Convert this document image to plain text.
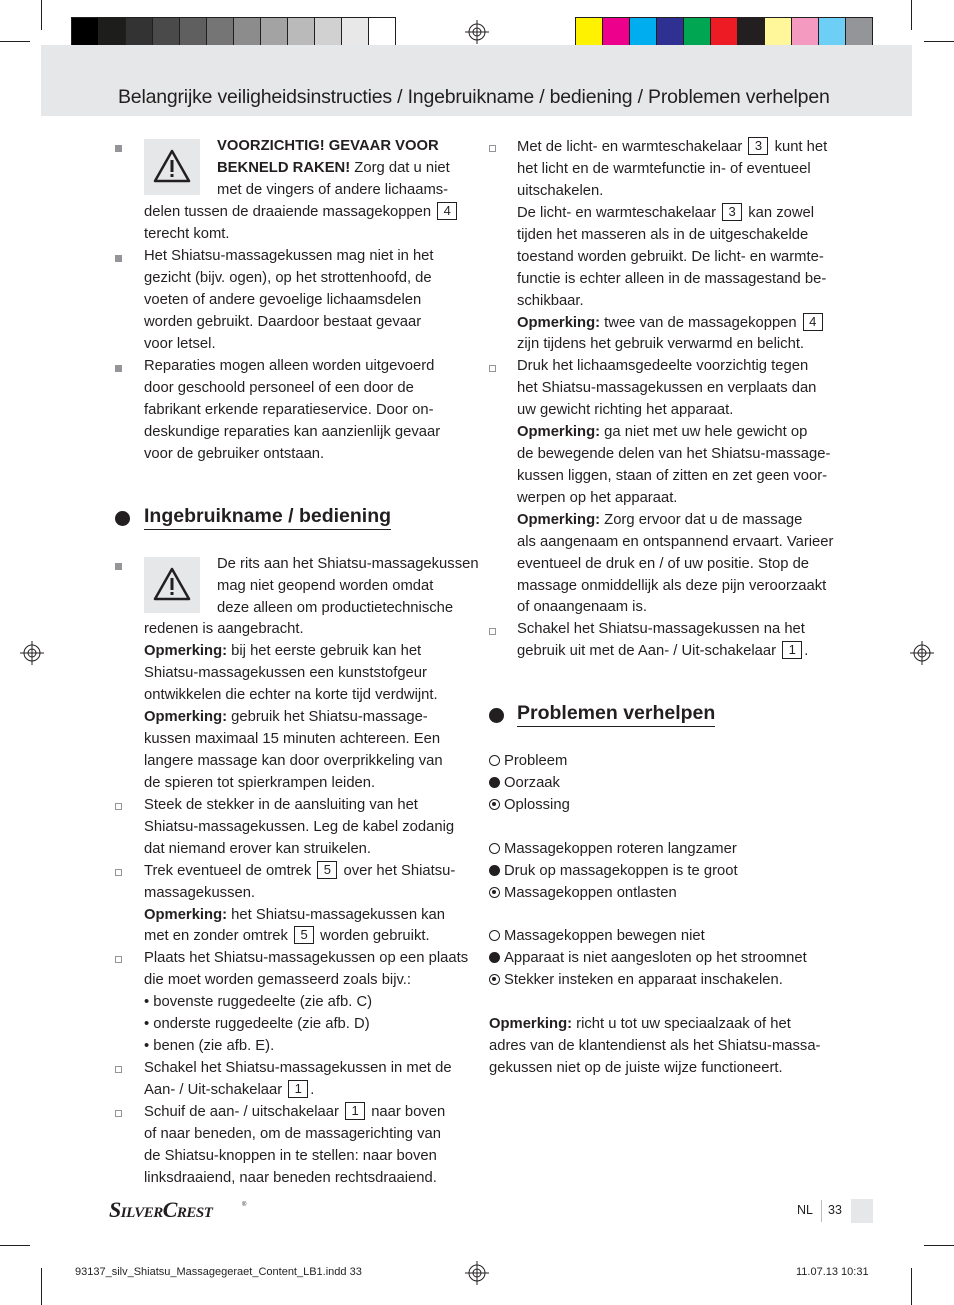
Belangrijke veiligheidsinstructies / Ingebruikname / bediening / Problemen verhelpen
VOORZICHTIG! GEVAAR VOOR
BEKNELD RAKEN! Zorg dat u niet
met de vingers of andere lichaams-
delen tussen de draaiende massagekoppen 4
terecht komt.
Het Shiatsu-massagekussen mag niet in het
gezicht (bijv. ogen), op het strottenhoofd, de
voeten of andere gevoelige lichaamsdelen
worden gebruikt. Daardoor bestaat gevaar
voor letsel.
Reparaties mogen alleen worden uitgevoerd
door geschoold personeel of een door de
fabrikant erkende reparatieservice. Door on-
deskundige reparaties kan aanzienlijk gevaar
voor de gebruiker ontstaan.
Ingebruikname / bediening
De rits aan het Shiatsu-massagekussen
mag niet geopend worden omdat
deze alleen om productietechnische
redenen is aangebracht.
Opmerking: bij het eerste gebruik kan het
Shiatsu-massagekussen een kunststofgeur
ontwikkelen die echter na korte tijd verdwijnt.
Opmerking: gebruik het Shiatsu-massage-
kussen maximaal 15 minuten achtereen. Een
langere massage kan door overprikkeling van
de spieren tot spierkrampen leiden.
Steek de stekker in de aansluiting van het
Shiatsu-massagekussen. Leg de kabel zodanig
dat niemand erover kan struikelen.
Trek eventueel de omtrek 5 over het Shiatsu-
massagekussen.
Opmerking: het Shiatsu-massagekussen kan
met en zonder omtrek 5 worden gebruikt.
Plaats het Shiatsu-massagekussen op een plaats
die moet worden gemasseerd zoals bijv.:
• bovenste ruggedeelte (zie afb. C)
• onderste ruggedeelte (zie afb. D)
• benen (zie afb. E).
Schakel het Shiatsu-massagekussen in met de
Aan- / Uit-schakelaar 1 .
Schuif de aan- / uitschakelaar 1 naar boven
of naar beneden, om de massagerichting van
de Shiatsu-knoppen in te stellen: naar boven
linksdraaiend, naar beneden rechtsdraaiend.
Met de licht- en warmteschakelaar 3 kunt het
het licht en de warmtefunctie in- of eventueel
uitschakelen.
De licht- en warmteschakelaar 3 kan zowel
tijden het masseren als in de uitgeschakelde
toestand worden gebruikt. De licht- en warmte-
functie is echter alleen in de massagestand be-
schikbaar.
Opmerking: twee van de massagekoppen 4
zijn tijdens het gebruik verwarmd en belicht.
Druk het lichaamsgedeelte voorzichtig tegen
het Shiatsu-massagekussen en verplaats dan
uw gewicht richting het apparaat.
Opmerking: ga niet met uw hele gewicht op
de bewegende delen van het Shiatsu-massage-
kussen liggen, staan of zitten en zet geen voor-
werpen op het apparaat.
Opmerking: Zorg ervoor dat u de massage
als aangenaam en ontspannend ervaart. Varieer
eventueel de druk en / of uw positie. Stop de
massage onmiddellijk als deze pijn veroorzaakt
of onaangenaam is.
Schakel het Shiatsu-massagekussen na het
gebruik uit met de Aan- / Uit-schakelaar 1 .
Problemen verhelpen
Probleem
Oorzaak
Oplossing
Massagekoppen roteren langzamer
Druk op massagekoppen is te groot
Massagekoppen ontlasten
Massagekoppen bewegen niet
Apparaat is niet aangesloten op het stroomnet
Stekker insteken en apparaat inschakelen.
Opmerking: richt u tot uw speciaalzaak of het
adres van de klantendienst als het Shiatsu-massa-
gekussen niet op de juiste wijze functioneert.
SILVERCREST	®	NL 33
93137_silv_Shiatsu_Massagegeraet_Content_LB1.indd 33	11.07.13 10:31
